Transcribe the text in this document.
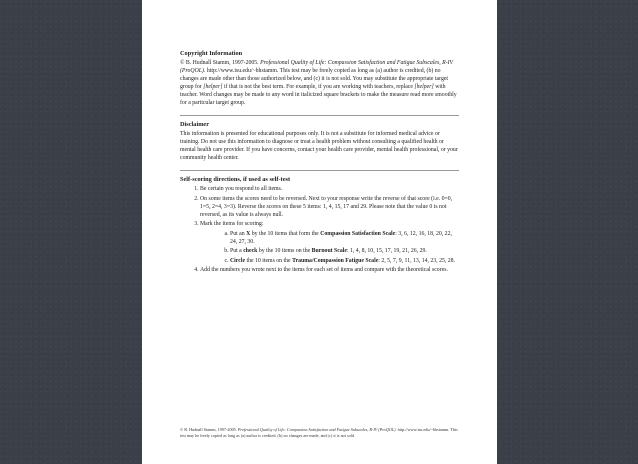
Copyright Information

© B. Hudnall Stamm, 1997-2005. Professional Quality of Life: Compassion Satisfaction and Fatigue Subscales, R-IV (ProQOL). http://www.isu.edu/~bhstamm. This test may be freely copied as long as (a) author is credited, (b) no changes are made other than those authorized below, and (c) it is not sold. You may substitute the appropriate target group for [helper] if that is not the best term. For example, if you are working with teachers, replace [helper] with teacher. Word changes may be made to any word in italicized square brackets to make the measure read more smoothly for a particular target group.

Disclaimer

This information is presented for educational purposes only. It is not a substitute for informed medical advice or training. Do not use this information to diagnose or treat a health problem without consulting a qualified health or mental health care provider. If you have concerns, contact your health care provider, mental health professional, or your community health center.

Self-scoring directions, if used as self-test
1. Be certain you respond to all items.
2. On some items the scores need to be reversed. Next to your response write the reverse of that score (i.e. 0=0, 1=5, 2=4, 3=3). Reverse the scores on these 5 items: 1, 4, 15, 17 and 29. Please note that the value 0 is not reversed, as its value is always null.
3. Mark the items for scoring:
a. Put an X by the 10 items that form the Compassion Satisfaction Scale: 3, 6, 12, 16, 18, 20, 22, 24, 27, 30.
b. Put a check by the 10 items on the Burnout Scale: 1, 4, 8, 10, 15, 17, 19, 21, 26, 29.
c. Circle the 10 items on the Trauma/Compassion Fatigue Scale: 2, 5, 7, 9, 11, 13, 14, 23, 25, 28.
4. Add the numbers you wrote next to the items for each set of items and compare with the theoretical scores.
© B. Hudnall Stamm, 1997-2005. Professional Quality of Life: Compassion Satisfaction and Fatigue Subscales, R-IV (ProQOL). http://www.isu.edu/~bhstamm. This test may be freely copied as long as (a) author is credited, (b) no changes are made, and (c) it is not sold.
